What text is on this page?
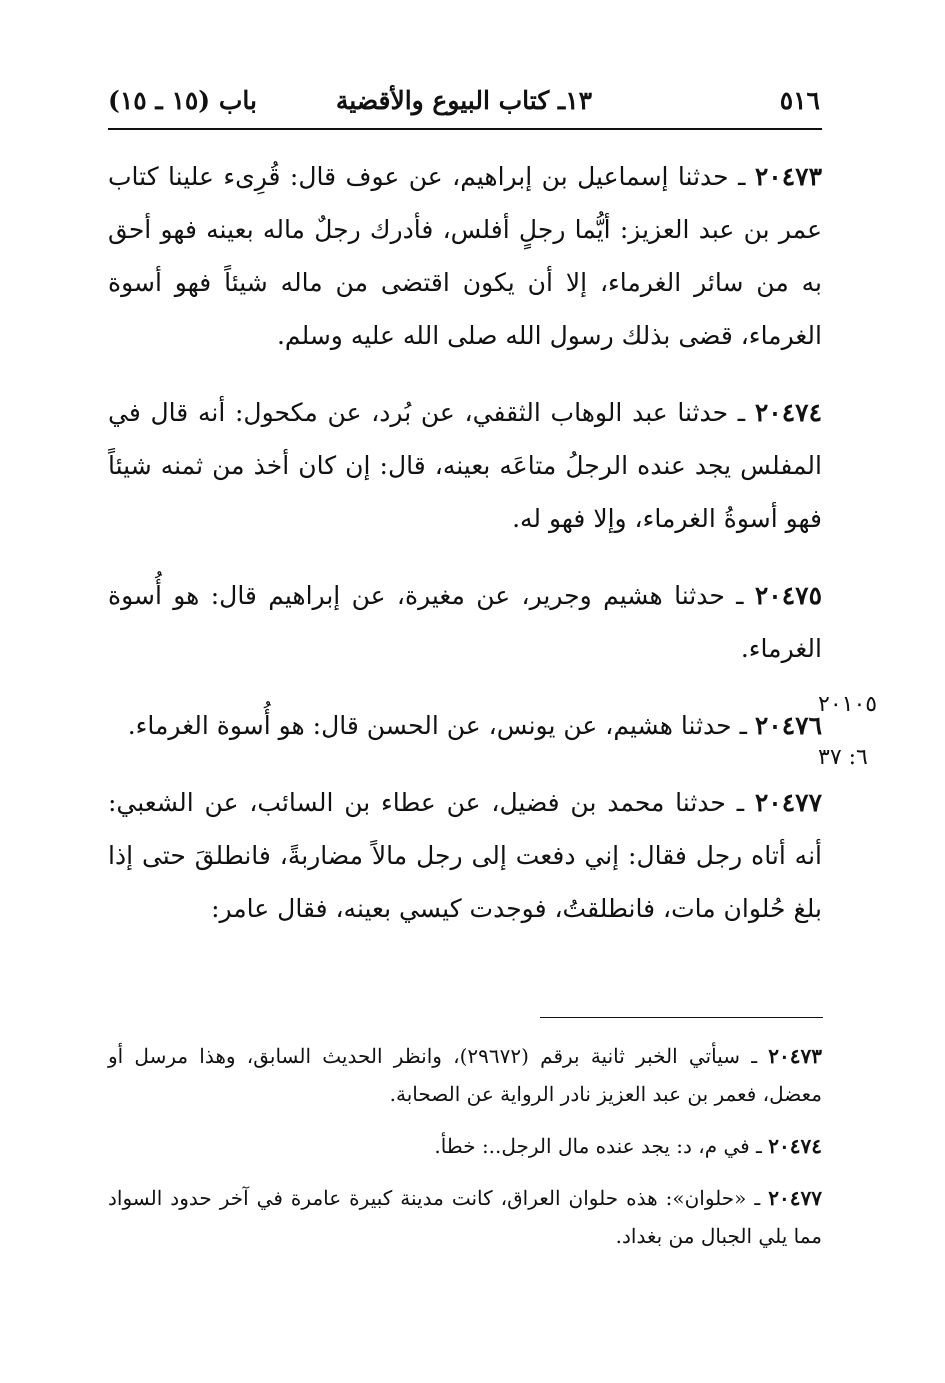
٥١٦
١٣ـ كتاب البيوع والأقضية
باب (١٥ ـ ١٥)

٢٠٤٧٣ ـ حدثنا إسماعيل بن إبراهيم، عن عوف قال: قُرِىء علينا كتاب عمر بن عبد العزيز: أيُّما رجلٍ أفلس، فأدرك رجلٌ ماله بعينه فهو أحق به من سائر الغرماء، إلا أن يكون اقتضى من ماله شيئاً فهو أسوة الغرماء، قضى بذلك رسول الله صلى الله عليه وسلم.

٢٠٤٧٤ ـ حدثنا عبد الوهاب الثقفي، عن بُرد، عن مكحول: أنه قال في المفلس يجد عنده الرجلُ متاعَه بعينه، قال: إن كان أخذ من ثمنه شيئاً فهو أسوةُ الغرماء، وإلا فهو له.

٢٠٤٧٥ ـ حدثنا هشيم وجرير، عن مغيرة، عن إبراهيم قال: هو أُسوة الغرماء.

٢٠٤٧٦ ـ حدثنا هشيم، عن يونس، عن الحسن قال: هو أُسوة الغرماء.

٢٠٤٧٧ ـ حدثنا محمد بن فضيل، عن عطاء بن السائب، عن الشعبي: أنه أتاه رجل فقال: إني دفعت إلى رجل مالاً مضاربةً، فانطلقَ حتى إذا بلغ حُلوان مات، فانطلقتُ، فوجدت كيسي بعينه، فقال عامر:

٢٠١٠٥
٦: ٣٧

٢٠٤٧٣ ـ سيأتي الخبر ثانية برقم (٢٩٦٧٢)، وانظر الحديث السابق، وهذا مرسل أو معضل، فعمر بن عبد العزيز نادر الرواية عن الصحابة.

٢٠٤٧٤ ـ في م، د: يجد عنده مال الرجل..: خطأ.

٢٠٤٧٧ ـ «حلوان»: هذه حلوان العراق، كانت مدينة كبيرة عامرة في آخر حدود السواد مما يلي الجبال من بغداد.
